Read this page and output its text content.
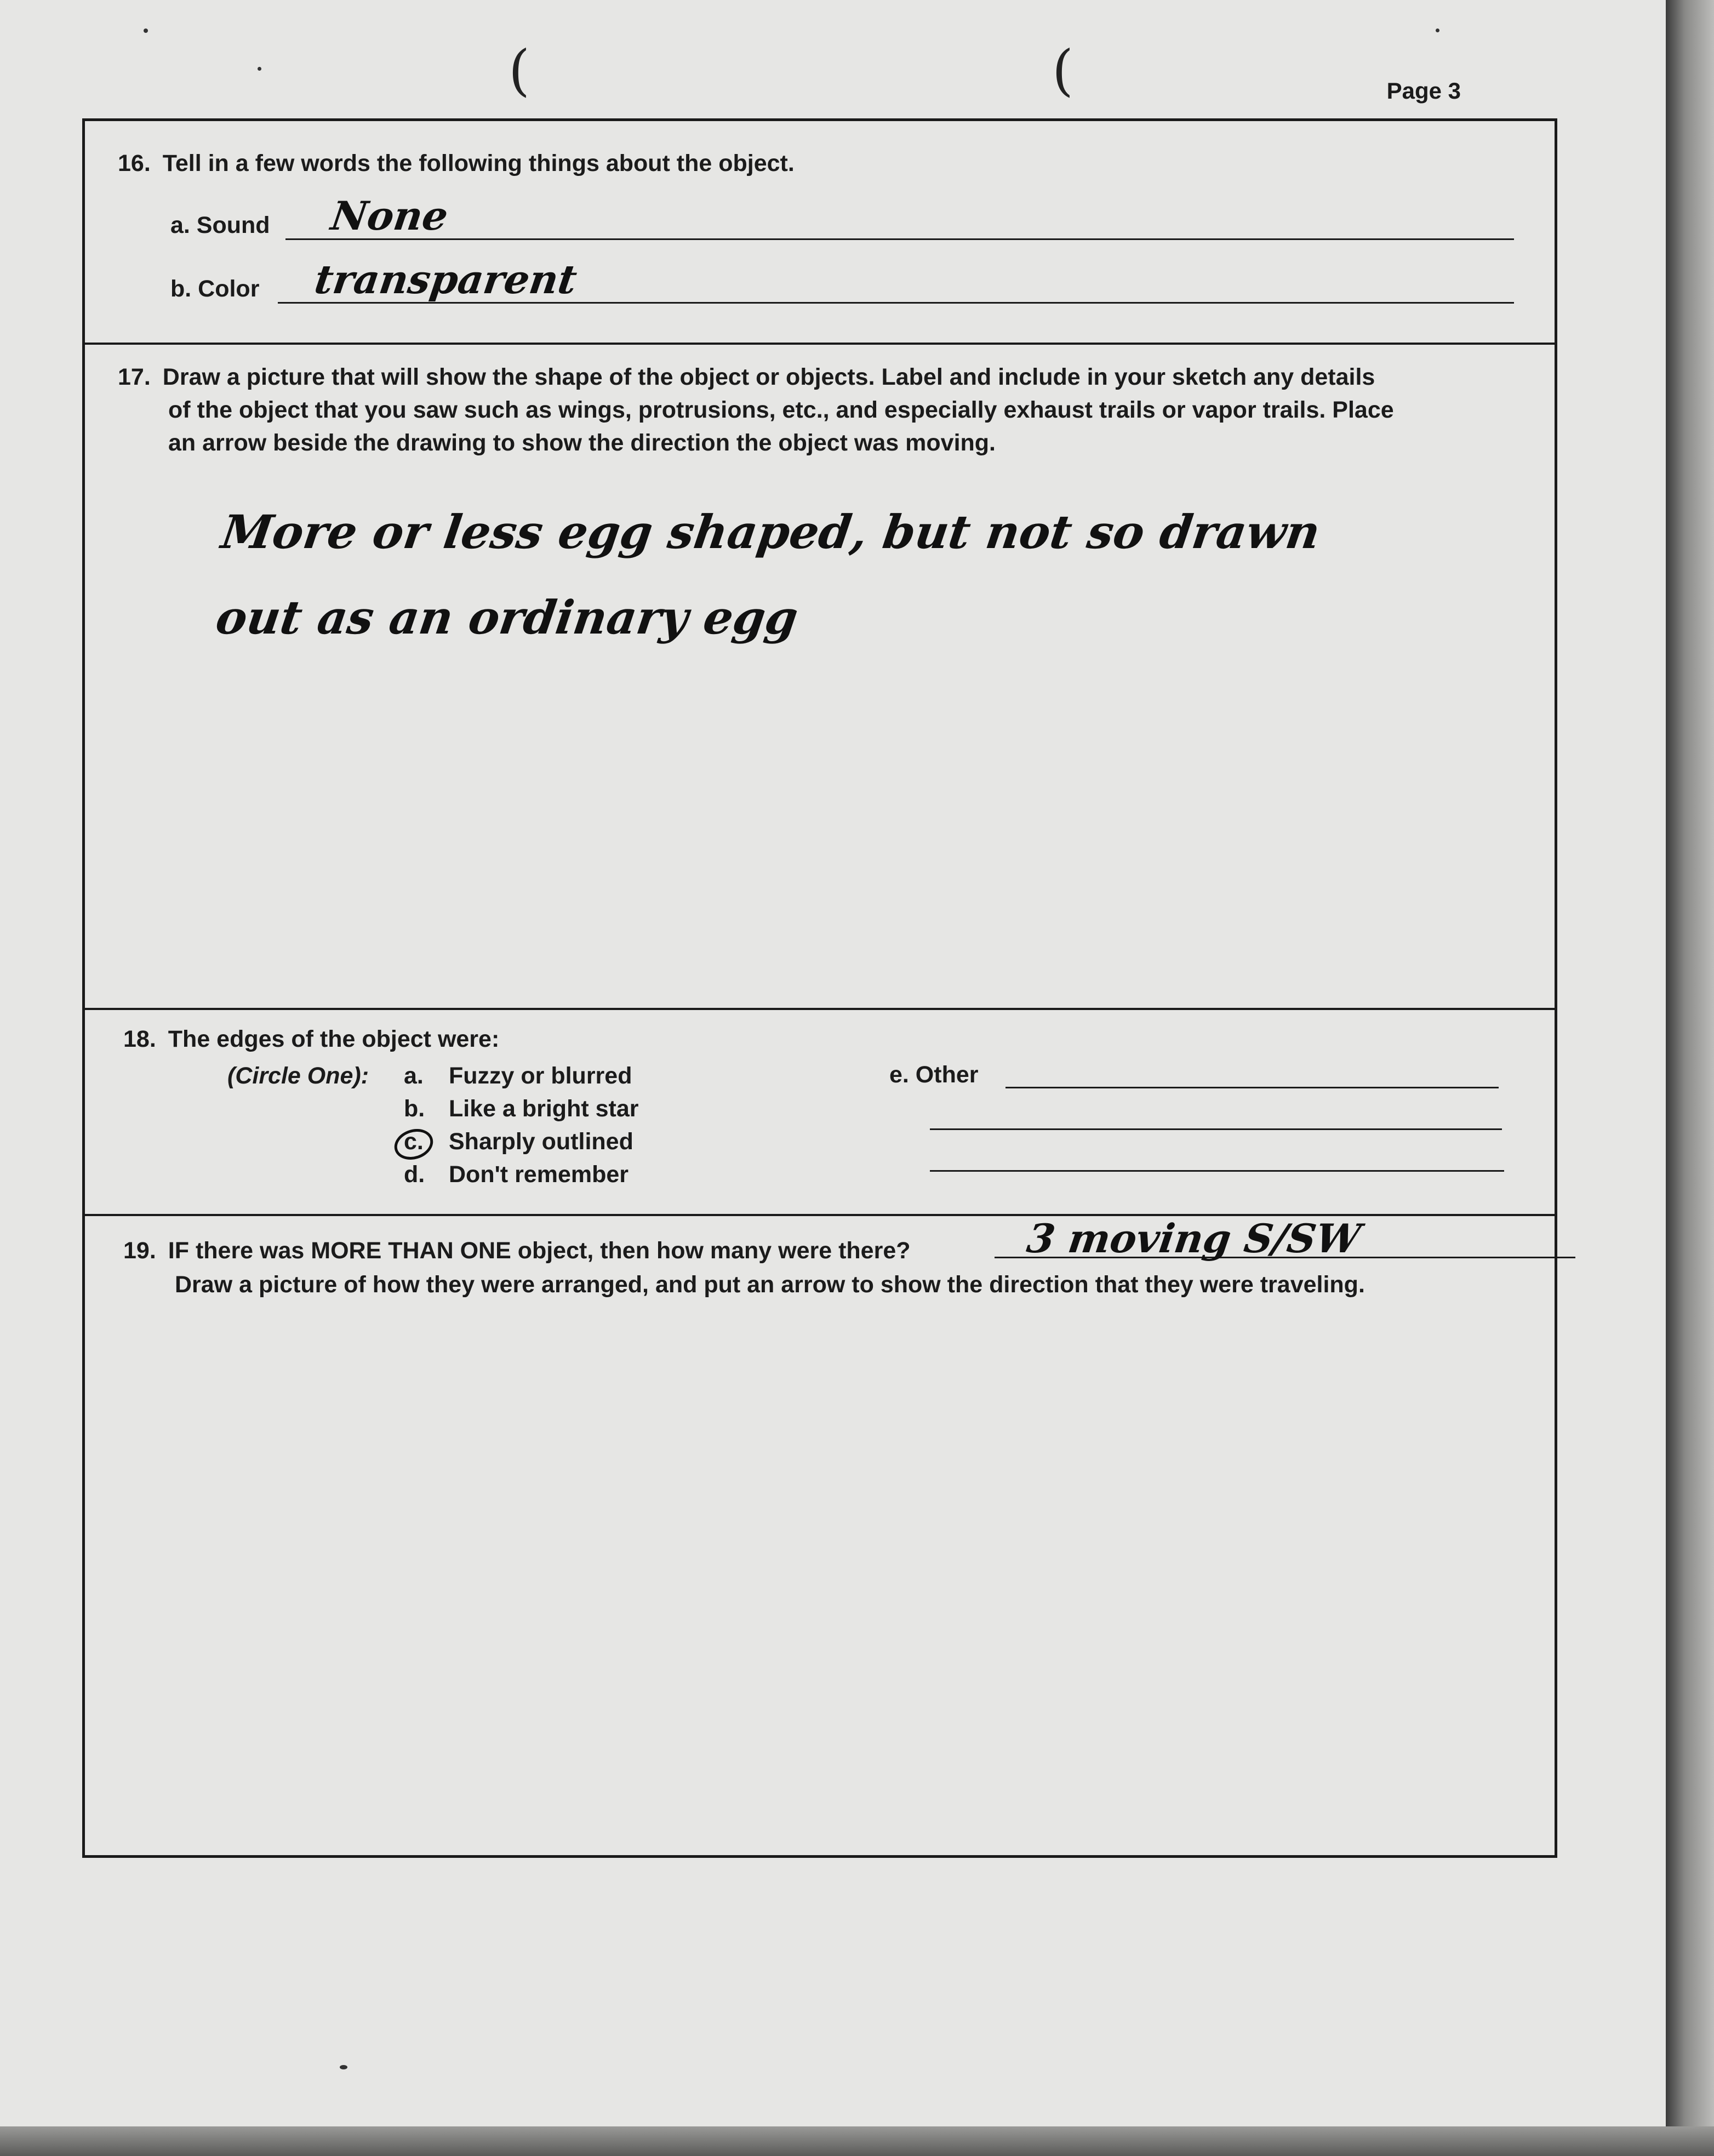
(	(	Page 3
16. Tell in a few words the following things about the object.
a. Sound None
b. Color transparent
17. Draw a picture that will show the shape of the object or objects. Label and include in your sketch any details
of the object that you saw such as wings, protrusions, etc., and especially exhaust trails or vapor trails. Place
an arrow beside the drawing to show the direction the object was moving.
More or less egg shaped, but not so drawn
out as an ordinary egg
18. The edges of the object were:
(Circle One): a. Fuzzy or blurred
b. Like a bright star
c. Sharply outlined
d. Don't remember
e. Other
19. IF there was MORE THAN ONE object, then how many were there?	3 moving S/SW
Draw a picture of how they were arranged, and put an arrow to show the direction that they were traveling.
